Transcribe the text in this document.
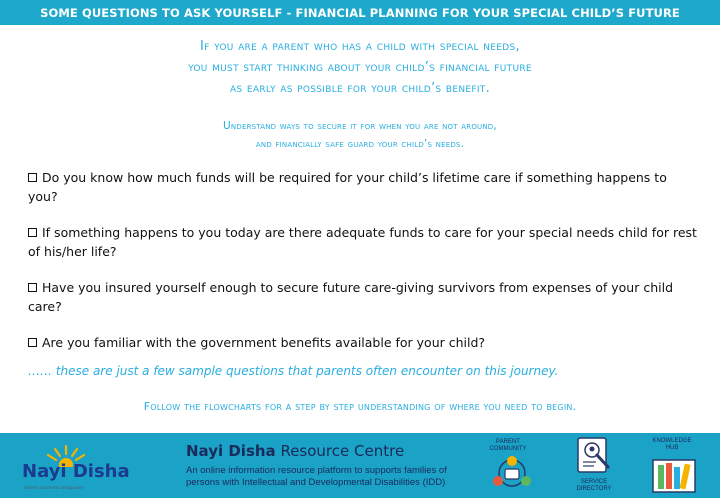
SOME QUESTIONS TO ASK YOURSELF - FINANCIAL PLANNING FOR YOUR SPECIAL CHILD’S FUTURE
If you are a parent who has a child with special needs,
you must start thinking about your child’s financial future
as early as possible for your child’s benefit.
Understand ways to secure it for when you are not around,
and financially safe guard your child’s needs.
Do you know how much funds will be required for your child’s lifetime care if something happens to you?
If something happens to you today are there adequate funds to care for your special needs child for rest of his/her life?
Have you insured yourself enough to secure future care-giving survivors from expenses of your child care?
Are you familiar with the government benefits available for your child?
…… these are just a few sample questions that parents often encounter on this journey.
Follow the flowcharts for a step by step understanding of where you need to begin.
Nayi Disha
Inform Connect Empower
Nayi Disha Resource Centre
An online information resource platform to supports families of persons with Intellectual and Developmental Disabilities (IDD)
PARENT COMMUNITY
SERVICE DIRECTORY
KNOWLEDGE HUB
